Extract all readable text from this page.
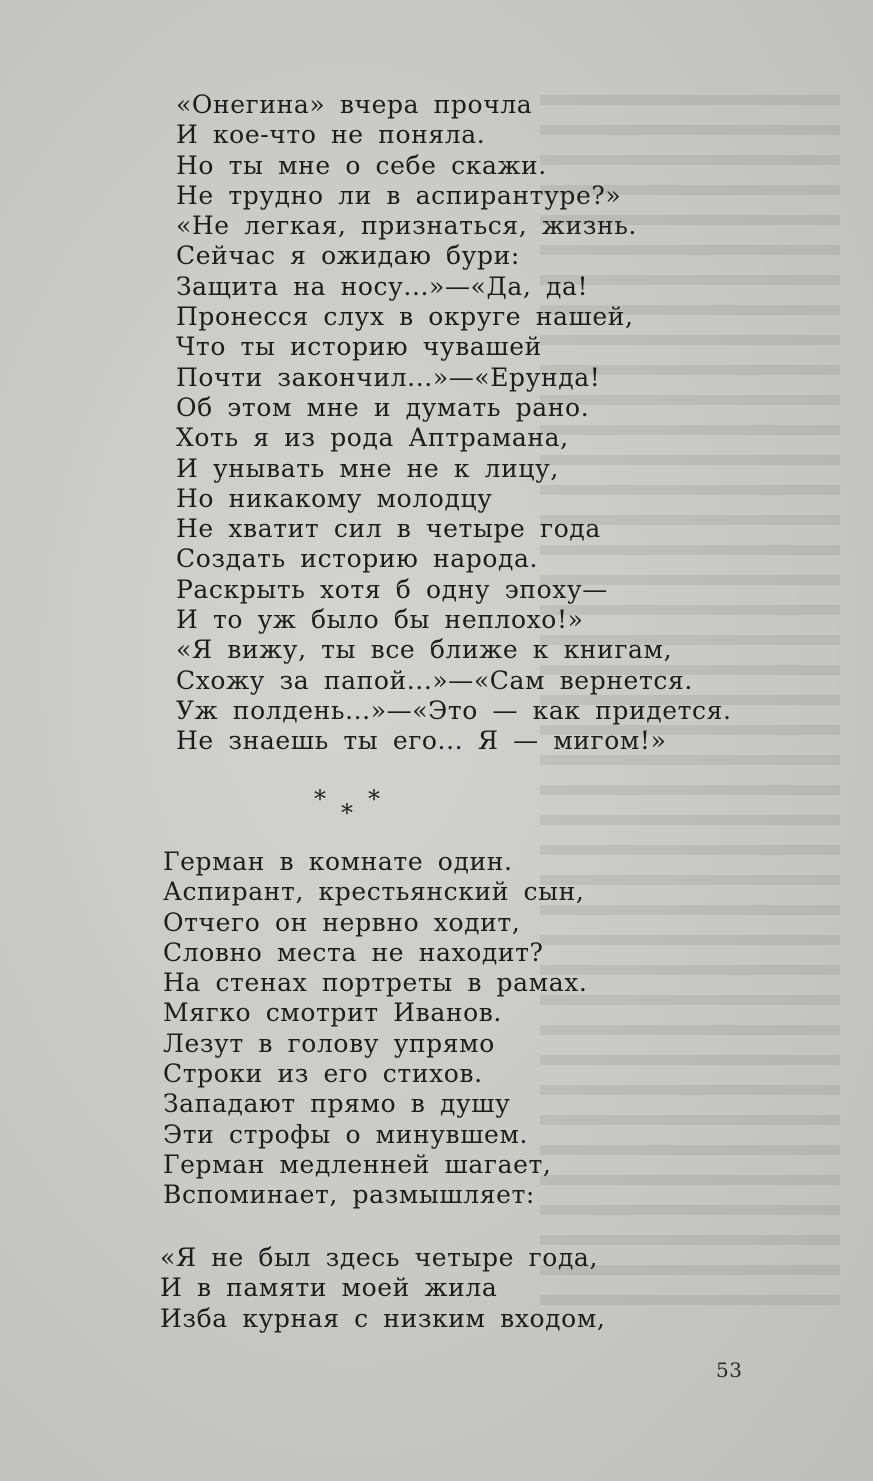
«Онегина» вчера прочла
И кое-что не поняла.
Но ты мне о себе скажи.
Не трудно ли в аспирантуре?»
«Не легкая, признаться, жизнь.
Сейчас я ожидаю бури:
Защита на носу...»—«Да, да!
Пронесся слух в округе нашей,
Что ты историю чувашей
Почти закончил...»—«Ерунда!
Об этом мне и думать рано.
Хоть я из рода Аптрамана,
И унывать мне не к лицу,
Но никакому молодцу
Не хватит сил в четыре года
Создать историю народа.
Раскрыть хотя б одну эпоху—
И то уж было бы неплохо!»
«Я вижу, ты все ближе к книгам,
Схожу за папой...»—«Сам вернется.
Уж полдень...»—«Это — как придется.
Не знаешь ты его... Я — мигом!»
* *
*
Герман в комнате один.
Аспирант, крестьянский сын,
Отчего он нервно ходит,
Словно места не находит?
На стенах портреты в рамах.
Мягко смотрит Иванов.
Лезут в голову упрямо
Строки из его стихов.
Западают прямо в душу
Эти строфы о минувшем.
Герман медленней шагает,
Вспоминает, размышляет:
«Я не был здесь четыре года,
И в памяти моей жила
Изба курная с низким входом,
53
